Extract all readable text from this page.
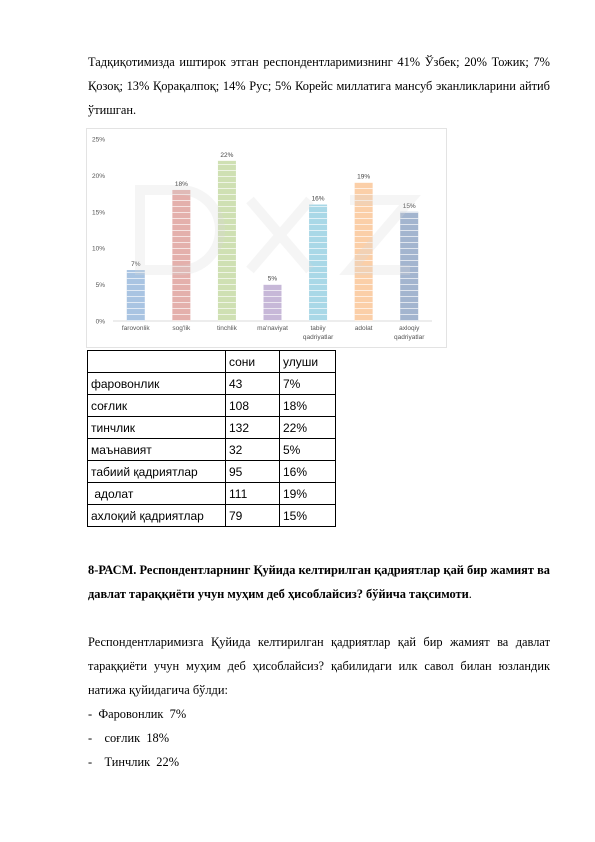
Тадқиқотимизда иштирок этган респондентларимизнинг 41% Ўзбек; 20% Тожик; 7% Қозоқ; 13% Қорақалпоқ; 14% Рус; 5% Корейс миллатига мансуб эканликларини айтиб ўтишган.
0%
5%
10%
15%
20%
25%
7%
18%
22%
5%
16%
19%
15%
farovonlik	sog'lik	tinchlik	ma'naviyat	tabiiy
qadriyatlar
adolat	axloqiy
qadriyatlar
	сони	улуши
фаровонлик	43	7%
соғлик	108	18%
тинчлик	132	22%
маънавият	32	5%
табиий қадриятлар	95	16%
адолат	111	19%
ахлоқий қадриятлар	79	15%
8-РАСМ. Респондентларнинг Қуйида келтирилган қадриятлар қай бир жамият ва давлат тараққиёти учун муҳим деб ҳисоблайсиз? бўйича тақсимоти.
Респондентларимизга Қуйида келтирилган қадриятлар қай бир жамият ва давлат тараққиёти учун муҳим деб ҳисоблайсиз? қабилидаги илк савол билан юзландик натижа қуйидагича бўлди:
-  Фаровонлик  7%
-    соғлик  18%
-    Тинчлик  22%
